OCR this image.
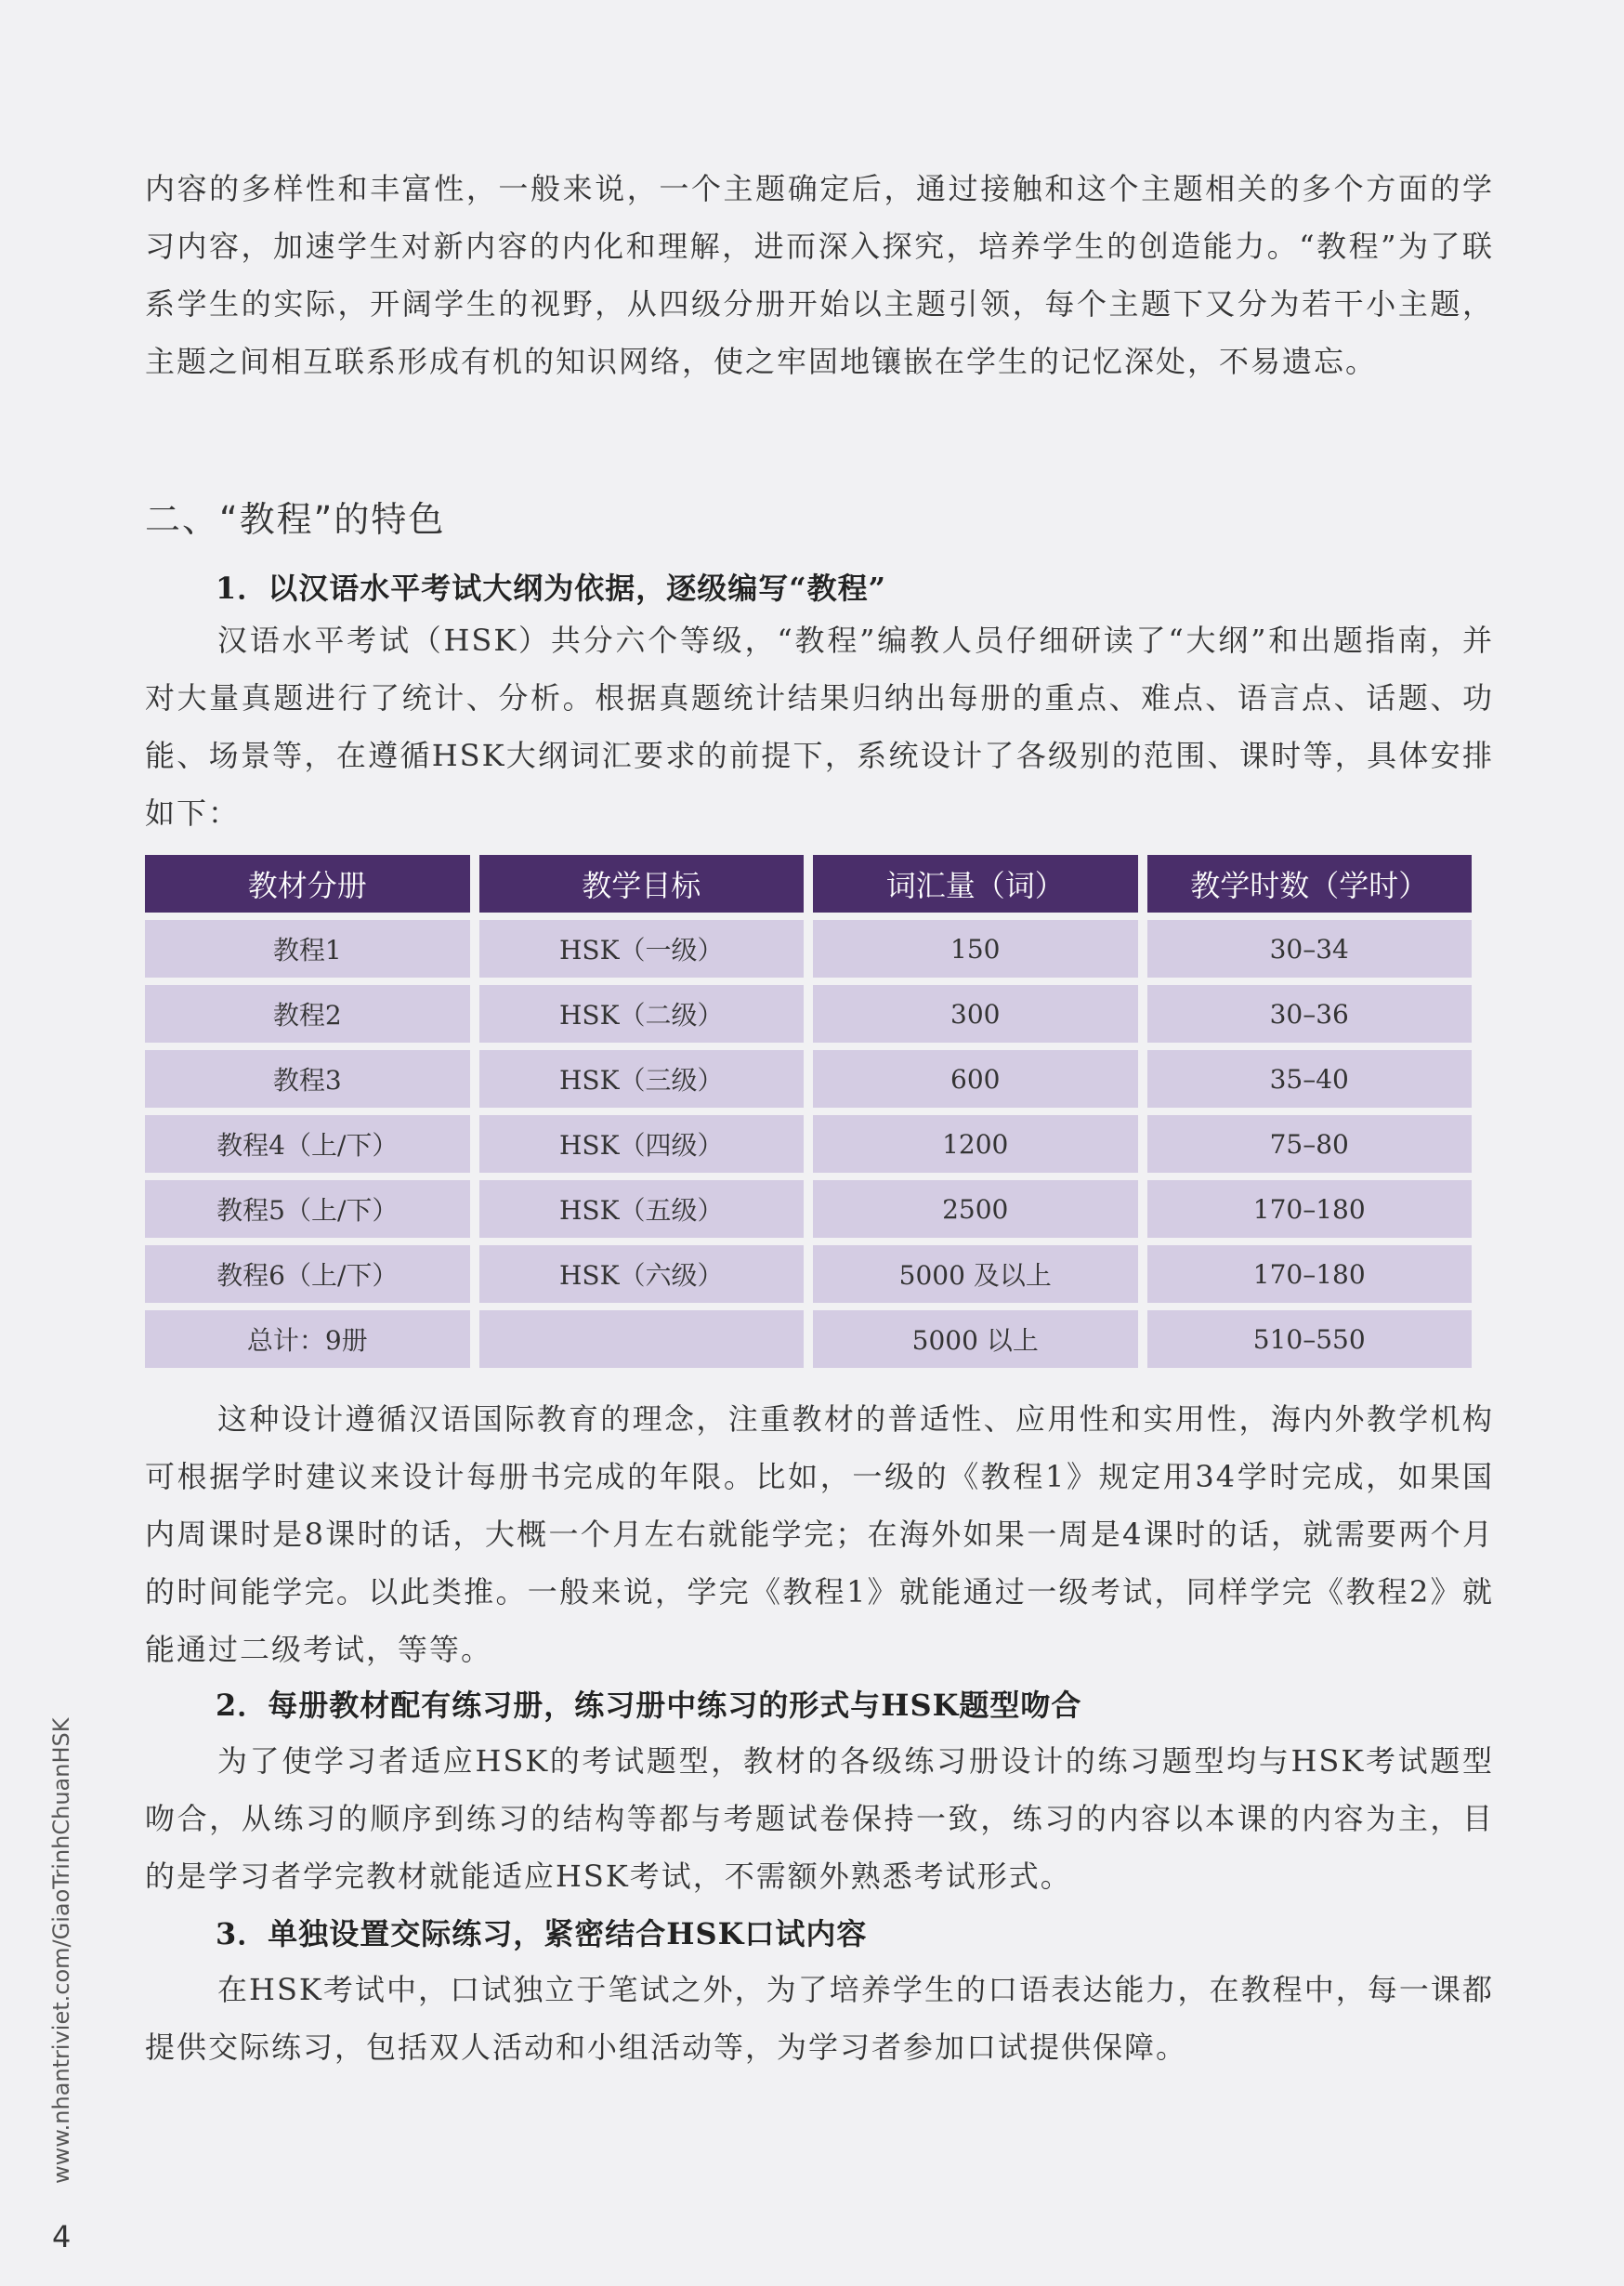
内容的多样性和丰富性，一般来说，一个主题确定后，通过接触和这个主题相关的多个方面的学习内容，加速学生对新内容的内化和理解，进而深入探究，培养学生的创造能力。“教程”为了联系学生的实际，开阔学生的视野，从四级分册开始以主题引领，每个主题下又分为若干小主题，主题之间相互联系形成有机的知识网络，使之牢固地镶嵌在学生的记忆深处，不易遗忘。

二、“教程”的特色
1．以汉语水平考试大纲为依据，逐级编写“教程”

汉语水平考试（HSK）共分六个等级，“教程”编教人员仔细研读了“大纲”和出题指南，并对大量真题进行了统计、分析。根据真题统计结果归纳出每册的重点、难点、语言点、话题、功能、场景等，在遵循HSK大纲词汇要求的前提下，系统设计了各级别的范围、课时等，具体安排如下：

教材分册	教学目标	词汇量（词）	教学时数（学时）
教程1	HSK（一级）	150	30–34
教程2	HSK（二级）	300	30–36
教程3	HSK（三级）	600	35–40
教程4（上/下）	HSK（四级）	1200	75–80
教程5（上/下）	HSK（五级）	2500	170–180
教程6（上/下）	HSK（六级）	5000 及以上	170–180
总计：9册		5000 以上	510–550

这种设计遵循汉语国际教育的理念，注重教材的普适性、应用性和实用性，海内外教学机构可根据学时建议来设计每册书完成的年限。比如，一级的《教程1》规定用34学时完成，如果国内周课时是8课时的话，大概一个月左右就能学完；在海外如果一周是4课时的话，就需要两个月的时间能学完。以此类推。一般来说，学完《教程1》就能通过一级考试，同样学完《教程2》就能通过二级考试，等等。

2．每册教材配有练习册，练习册中练习的形式与HSK题型吻合

为了使学习者适应HSK的考试题型，教材的各级练习册设计的练习题型均与HSK考试题型吻合，从练习的顺序到练习的结构等都与考题试卷保持一致，练习的内容以本课的内容为主，目的是学习者学完教材就能适应HSK考试，不需额外熟悉考试形式。

3．单独设置交际练习，紧密结合HSK口试内容

在HSK考试中，口试独立于笔试之外，为了培养学生的口语表达能力，在教程中，每一课都提供交际练习，包括双人活动和小组活动等，为学习者参加口试提供保障。

www.nhantriviet.com/GiaoTrinhChuanHSK
4
